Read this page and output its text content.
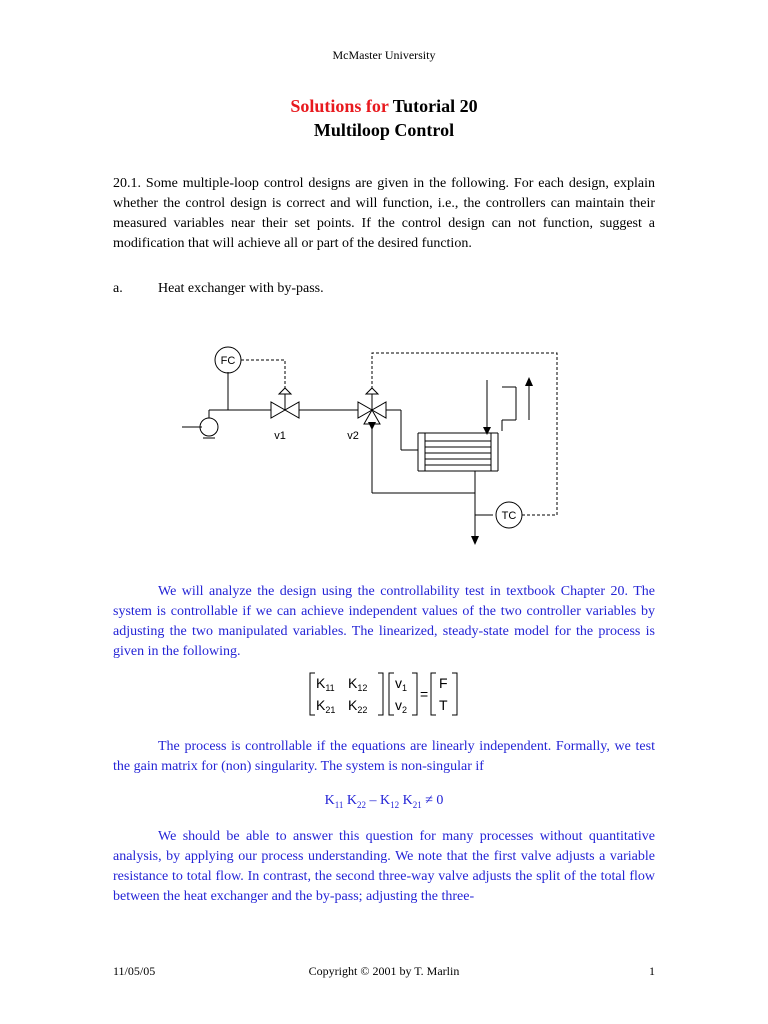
McMaster University
Solutions for Tutorial 20
Multiloop Control

20.1. Some multiple-loop control designs are given in the following. For each design, explain whether the control design is correct and will function, i.e., the controllers can maintain their measured variables near their set points. If the control design can not function, suggest a modification that will achieve all or part of the desired function.

a.	Heat exchanger with by-pass.
FC
TC
v1	v2

We will analyze the design using the controllability test in textbook Chapter 20. The system is controllable if we can achieve independent values of the two controller variables by adjusting the two manipulated variables. The linearized, steady-state model for the process is given in the following.

$K_{11}$ $K_{12}$
$K_{21}$ $K_{22}$
$v_1$
$v_2$
=
F
T

The process is controllable if the equations are linearly independent. Formally, we test the gain matrix for (non) singularity. The system is non-singular if

$K_{11}$ $K_{22} - K_{12}$ $K_{21} \ne 0$

We should be able to answer this question for many processes without quantitative analysis, by applying our process understanding. We note that the first valve adjusts a variable resistance to total flow. In contrast, the second three-way valve adjusts the split of the total flow between the heat exchanger and the by-pass; adjusting the three-

11/05/05	Copyright © 2001 by T. Marlin	1
